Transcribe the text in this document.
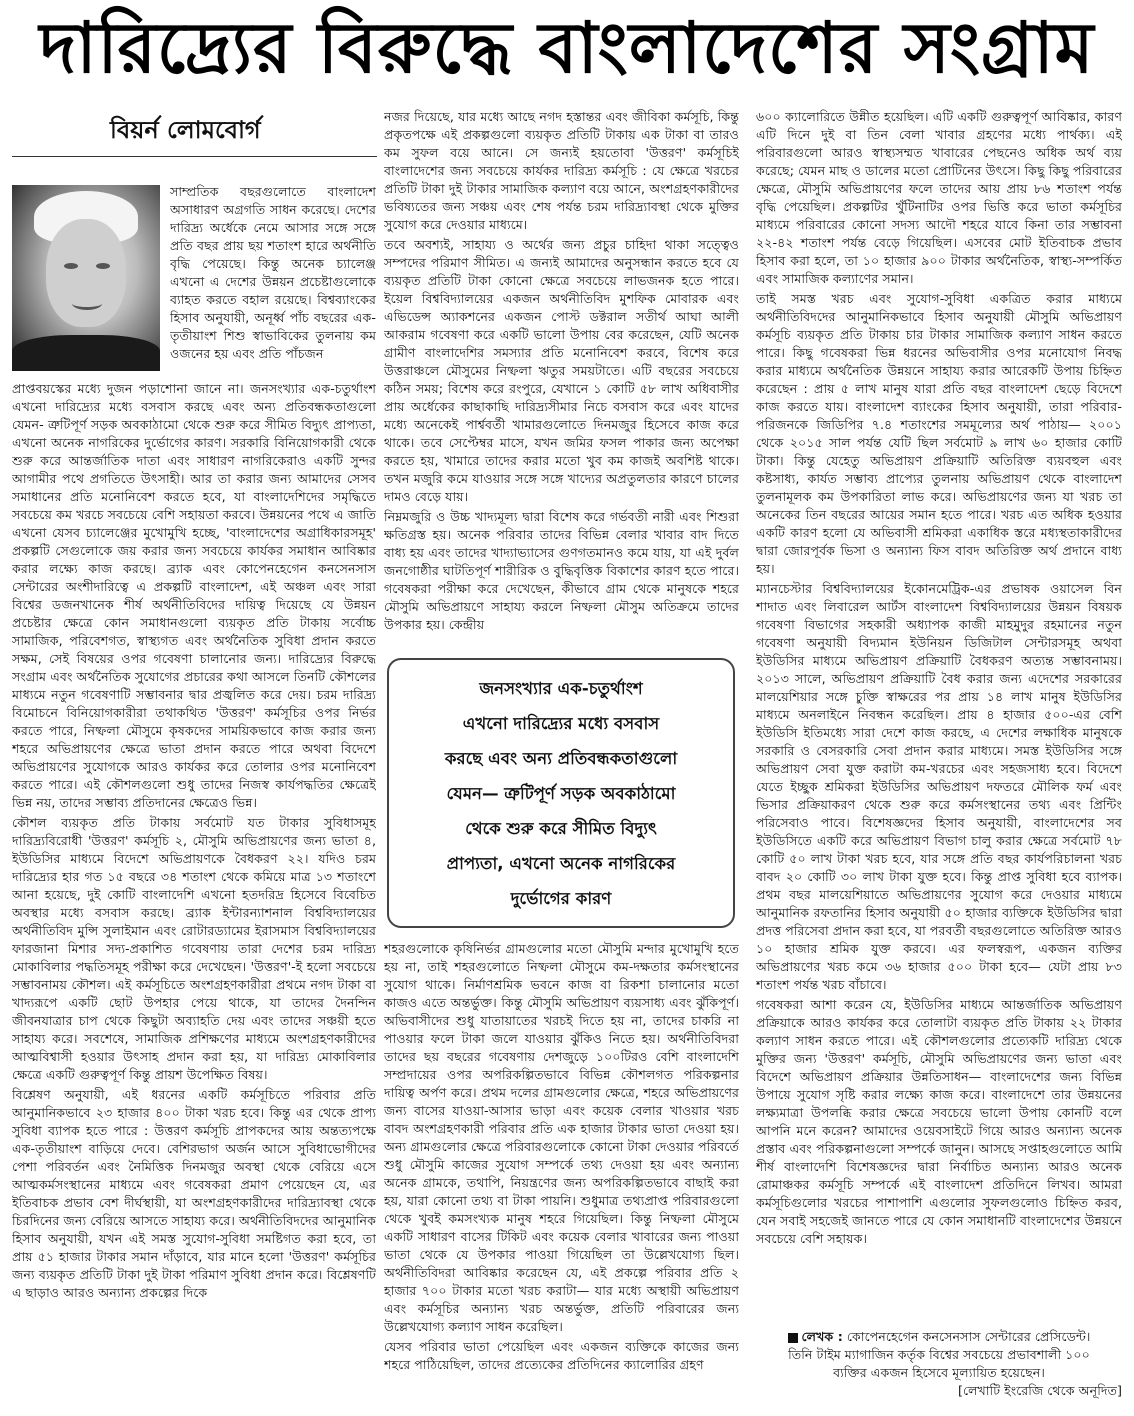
দারিদ্র্যের বিরুদ্ধে বাংলাদেশের সংগ্রাম
বিয়র্ন লোমবোর্গ

সাম্প্রতিক বছরগুলোতে বাংলাদেশ অসাধারণ অগ্রগতি সাধন করেছে। দেশের দারিদ্র্য অর্ধেকে নেমে আসার সঙ্গে সঙ্গে প্রতি বছর প্রায় ছয় শতাংশ হারে অর্থনীতি বৃদ্ধি পেয়েছে। কিন্তু অনেক চ্যালেঞ্জ এখনো এ দেশের উন্নয়ন প্রচেষ্টাগুলোকে ব্যাহত করতে বহাল রয়েছে। বিশ্বব্যাংকের হিসাব অনুযায়ী, অনূর্ধ্ব পাঁচ বছরের এক-তৃতীয়াংশ শিশু স্বাভাবিকের তুলনায় কম ওজনের হয় এবং প্রতি পাঁচজন

প্রাপ্তবয়স্কের মধ্যে দুজন পড়াশোনা জানে না। জনসংখ্যার এক-চতুর্থাংশ এখনো দারিদ্র্যের মধ্যে বসবাস করছে এবং অন্য প্রতিবন্ধকতাগুলো যেমন- ত্রুটিপূর্ণ সড়ক অবকাঠামো থেকে শুরু করে সীমিত বিদ্যুৎ প্রাপ্যতা, এখনো অনেক নাগরিকের দুর্ভোগের কারণ। সরকারি বিনিয়োগকারী থেকে শুরু করে আন্তর্জাতিক দাতা এবং সাধারণ নাগরিকেরাও একটি সুন্দর আগামীর পথে প্রগতিতে উৎসাহী। আর তা করার জন্য আমাদের সেসব সমাধানের প্রতি মনোনিবেশ করতে হবে, যা বাংলাদেশিদের সমৃদ্ধিতে সবচেয়ে কম খরচে সবচেয়ে বেশি সহায়তা করবে। উন্নয়নের পথে এ জাতি এখনো যেসব চ্যালেঞ্জের মুখোমুখি হচ্ছে, 'বাংলাদেশের অগ্রাধিকারসমূহ' প্রকল্পটি সেগুলোকে জয় করার জন্য সবচেয়ে কার্যকর সমাধান আবিষ্কার করার লক্ষ্যে কাজ করছে। ব্র্যাক এবং কোপেনহেগেন কনসেনসাস সেন্টারের অংশীদারিত্বে এ প্রকল্পটি বাংলাদেশ, এই অঞ্চল এবং সারা বিশ্বের ডজনখানেক শীর্ষ অর্থনীতিবিদের দায়িত্ব দিয়েছে যে উন্নয়ন প্রচেষ্টার ক্ষেত্রে কোন সমাধানগুলো ব্যয়কৃত প্রতি টাকায় সর্বোচ্চ সামাজিক, পরিবেশগত, স্বাস্থ্যগত এবং অর্থনৈতিক সুবিধা প্রদান করতে সক্ষম, সেই বিষয়ের ওপর গবেষণা চালানোর জন্য। দারিদ্র্যের বিরুদ্ধে সংগ্রাম এবং অর্থনৈতিক সুযোগের প্রচারের কথা আসলে তিনটি কৌশলের মাধ্যমে নতুন গবেষণাটি সম্ভাবনার দ্বার প্রজ্বলিত করে দেয়। চরম দারিদ্র্য বিমোচনে বিনিয়োগকারীরা তথাকথিত 'উত্তরণ' কর্মসূচির ওপর নির্ভর করতে পারে, নিষ্ফলা মৌসুমে কৃষকদের সাময়িকভাবে কাজ করার জন্য শহরে অভিপ্রায়ণের ক্ষেত্রে ভাতা প্রদান করতে পারে অথবা বিদেশে অভিপ্রায়ণের সুযোগকে আরও কার্যকর করে তোলার ওপর মনোনিবেশ করতে পারে। এই কৌশলগুলো শুধু তাদের নিজস্ব কার্যপদ্ধতির ক্ষেত্রেই ভিন্ন নয়, তাদের সম্ভাব্য প্রতিদানের ক্ষেত্রেও ভিন্ন।

কৌশল ব্যয়কৃত প্রতি টাকায় সর্বমোট যত টাকার সুবিধাসমূহ দারিদ্র্যবিরোধী 'উত্তরণ' কর্মসূচি ২, মৌসুমি অভিপ্রায়ণের জন্য ভাতা ৪, ইউডিসির মাধ্যমে বিদেশে অভিপ্রায়ণকে বৈধকরণ ২২। যদিও চরম দারিদ্র্যের হার গত ১৫ বছরে ৩৪ শতাংশ থেকে কমিয়ে মাত্র ১৩ শতাংশে আনা হয়েছে, দুই কোটি বাংলাদেশি এখনো হতদরিদ্র হিসেবে বিবেচিত অবস্থার মধ্যে বসবাস করছে। ব্র্যাক ইন্টারন্যাশনাল বিশ্ববিদ্যালয়ের অর্থনীতিবিদ মুন্সি সুলাইমান এবং রোটারড্যামের ইরাসমাস বিশ্ববিদ্যালয়ের ফারজানা মিশার সদ্য-প্রকাশিত গবেষণায় তারা দেশের চরম দারিদ্র্য মোকাবিলার পদ্ধতিসমূহ পরীক্ষা করে দেখেছেন। 'উত্তরণ'-ই হলো সবচেয়ে সম্ভাবনাময় কৌশল। এই কর্মসূচিতে অংশগ্রহণকারীরা প্রথমে নগদ টাকা বা খাদ্যরূপে একটি ছোট উপহার পেয়ে থাকে, যা তাদের দৈনন্দিন জীবনযাত্রার চাপ থেকে কিছুটা অব্যাহতি দেয় এবং তাদের সঞ্চয়ী হতে সাহায্য করে। সবশেষে, সামাজিক প্রশিক্ষণের মাধ্যমে অংশগ্রহণকারীদের আত্মবিশ্বাসী হওয়ার উৎসাহ প্রদান করা হয়, যা দারিদ্র্য মোকাবিলার ক্ষেত্রে একটি গুরুত্বপূর্ণ কিন্তু প্রায়শ উপেক্ষিত বিষয়।

বিশ্লেষণ অনুযায়ী, এই ধরনের একটি কর্মসূচিতে পরিবার প্রতি আনুমানিকভাবে ২৩ হাজার ৪০০ টাকা খরচ হবে। কিন্তু এর থেকে প্রাপ্য সুবিধা ব্যাপক হতে পারে : উত্তরণ কর্মসূচি প্রাপকদের আয় অন্তত্যপক্ষে এক-তৃতীয়াংশ বাড়িয়ে দেবে। বেশিরভাগ অর্জন আসে সুবিধাভোগীদের পেশা পরিবর্তন এবং নৈমিত্তিক দিনমজুর অবস্থা থেকে বেরিয়ে এসে আত্মকর্মসংস্থানের মাধ্যমে এবং গবেষকরা প্রমাণ পেয়েছেন যে, এর ইতিবাচক প্রভাব বেশ দীর্ঘস্থায়ী, যা অংশগ্রহণকারীদের দারিদ্র্যাবস্থা থেকে চিরদিনের জন্য বেরিয়ে আসতে সাহায্য করে। অর্থনীতিবিদদের আনুমানিক হিসাব অনুযায়ী, যখন এই সমস্ত সুযোগ-সুবিধা সমষ্টিগত করা হবে, তা প্রায় ৫১ হাজার টাকার সমান দাঁড়াবে, যার মানে হলো 'উত্তরণ' কর্মসূচির জন্য ব্যয়কৃত প্রতিটি টাকা দুই টাকা পরিমাণ সুবিধা প্রদান করে। বিশ্লেষণটি এ ছাড়াও আরও অন্যান্য প্রকল্পের দিকে

নজর দিয়েছে, যার মধ্যে আছে নগদ হস্তান্তর এবং জীবিকা কর্মসূচি, কিন্তু প্রকৃতপক্ষে এই প্রকল্পগুলো ব্যয়কৃত প্রতিটি টাকায় এক টাকা বা তারও কম সুফল বয়ে আনে। সে জন্যই হয়তোবা 'উত্তরণ' কর্মসূচিই বাংলাদেশের জন্য সবচেয়ে কার্যকর দারিদ্র্য কর্মসূচি : যে ক্ষেত্রে খরচের প্রতিটি টাকা দুই টাকার সামাজিক কল্যাণ বয়ে আনে, অংশগ্রহণকারীদের ভবিষ্যতের জন্য সঞ্চয় এবং শেষ পর্যন্ত চরম দারিদ্র্যাবস্থা থেকে মুক্তির সুযোগ করে দেওয়ার মাধ্যমে।

তবে অবশ্যই, সাহায্য ও অর্থের জন্য প্রচুর চাহিদা থাকা সত্ত্বেও সম্পদের পরিমাণ সীমিত। এ জন্যই আমাদের অনুসন্ধান করতে হবে যে ব্যয়কৃত প্রতিটি টাকা কোনো ক্ষেত্রে সবচেয়ে লাভজনক হতে পারে। ইয়েল বিশ্ববিদ্যালয়ের একজন অর্থনীতিবিদ মুশফিক মোবারক এবং এভিডেন্স অ্যাকশনের একজন পোস্ট ডক্টরাল সতীর্থ আঘা আলী আকরাম গবেষণা করে একটি ভালো উপায় বের করেছেন, যেটি অনেক গ্রামীণ বাংলাদেশির সমস্যার প্রতি মনোনিবেশ করবে, বিশেষ করে উত্তরাঞ্চলে মৌসুমের নিষ্ফলা ঋতুর সময়টাতে। এটি বছরের সবচেয়ে কঠিন সময়; বিশেষ করে রংপুরে, যেখানে ১ কোটি ৫৮ লাখ অধিবাসীর প্রায় অর্ধেকের কাছাকাছি দারিদ্র্যসীমার নিচে বসবাস করে এবং যাদের মধ্যে অনেকেই পার্শ্ববর্তী খামারগুলোতে দিনমজুর হিসেবে কাজ করে থাকে। তবে সেপ্টেম্বর মাসে, যখন জমির ফসল পাকার জন্য অপেক্ষা করতে হয়, খামারে তাদের করার মতো খুব কম কাজই অবশিষ্ট থাকে। তখন মজুরি কমে যাওয়ার সঙ্গে সঙ্গে খাদ্যের অপ্রতুলতার কারণে চালের দামও বেড়ে যায়।

নিম্নমজুরি ও উচ্চ খাদ্যমূল্য দ্বারা বিশেষ করে গর্ভবতী নারী এবং শিশুরা ক্ষতিগ্রস্ত হয়। অনেক পরিবার তাদের বিভিন্ন বেলার খাবার বাদ দিতে বাধ্য হয় এবং তাদের খাদ্যাভ্যাসের গুণগতমানও কমে যায়, যা এই দুর্বল জনগোষ্ঠীর ঘাটতিপূর্ণ শারীরিক ও বুদ্ধিবৃত্তিক বিকাশের কারণ হতে পারে। গবেষকরা পরীক্ষা করে দেখেছেন, কীভাবে গ্রাম থেকে মানুষকে শহরে মৌসুমি অভিপ্রায়ণে সাহায্য করলে নিষ্ফলা মৌসুম অতিক্রমে তাদের উপকার হয়। কেন্দ্রীয়

জনসংখ্যার এক-চতুর্থাংশ
এখনো দারিদ্র্যের মধ্যে বসবাস
করছে এবং অন্য প্রতিবন্ধকতাগুলো
যেমন— ত্রুটিপূর্ণ সড়ক অবকাঠামো
থেকে শুরু করে সীমিত বিদ্যুৎ
প্রাপ্যতা, এখনো অনেক নাগরিকের
দুর্ভোগের কারণ

শহরগুলোকে কৃষিনির্ভর গ্রামগুলোর মতো মৌসুমি মন্দার মুখোমুখি হতে হয় না, তাই শহরগুলোতে নিষ্ফলা মৌসুমে কম-দক্ষতার কর্মসংস্থানের সুযোগ থাকে। নির্মাণশ্রমিক ভবনে কাজ বা রিকশা চালানোর মতো কাজও এতে অন্তর্ভুক্ত। কিন্তু মৌসুমি অভিপ্রায়ণ ব্যয়সাধ্য এবং ঝুঁকিপূর্ণ। অভিবাসীদের শুধু যাতায়াতের খরচই দিতে হয় না, তাদের চাকরি না পাওয়ার ফলে টাকা জলে যাওয়ার ঝুঁকিও নিতে হয়। অর্থনীতিবিদরা তাদের ছয় বছরের গবেষণায় দেশজুড়ে ১০০টিরও বেশি বাংলাদেশি সম্প্রদায়ের ওপর অপরিকল্পিতভাবে বিভিন্ন কৌশলগত পরিকল্পনার দায়িত্ব অর্পণ করে। প্রথম দলের গ্রামগুলোর ক্ষেত্রে, শহরে অভিপ্রায়ণের জন্য বাসের যাওয়া-আসার ভাড়া এবং কয়েক বেলার খাওয়ার খরচ বাবদ অংশগ্রহণকারী পরিবার প্রতি এক হাজার টাকার ভাতা দেওয়া হয়। অন্য গ্রামগুলোর ক্ষেত্রে পরিবারগুলোকে কোনো টাকা দেওয়ার পরিবর্তে শুধু মৌসুমি কাজের সুযোগ সম্পর্কে তথ্য দেওয়া হয় এবং অন্যান্য অনেক গ্রামকে, তথাপি, নিয়ন্ত্রণের জন্য অপরিকল্পিতভাবে বাছাই করা হয়, যারা কোনো তথ্য বা টাকা পায়নি। শুধুমাত্র তথ্যপ্রাপ্ত পরিবারগুলো থেকে খুবই কমসংখ্যক মানুষ শহরে গিয়েছিল। কিন্তু নিষ্ফলা মৌসুমে একটি সাধারণ বাসের টিকিট এবং কয়েক বেলার খাবারের জন্য পাওয়া ভাতা থেকে যে উপকার পাওয়া গিয়েছিল তা উল্লেখযোগ্য ছিল। অর্থনীতিবিদরা আবিষ্কার করেছেন যে, এই প্রকল্পে পরিবার প্রতি ২ হাজার ৭০০ টাকার মতো খরচ করাটা— যার মধ্যে অস্থায়ী অভিপ্রায়ণ এবং কর্মসূচির অন্যান্য খরচ অন্তর্ভুক্ত, প্রতিটি পরিবারের জন্য উল্লেখযোগ্য কল্যাণ সাধন করেছিল।

যেসব পরিবার ভাতা পেয়েছিল এবং একজন ব্যক্তিকে কাজের জন্য শহরে পাঠিয়েছিল, তাদের প্রত্যেকের প্রতিদিনের ক্যালোরির গ্রহণ

৬০০ ক্যালোরিতে উন্নীত হয়েছিল। এটি একটি গুরুত্বপূর্ণ আবিষ্কার, কারণ এটি দিনে দুই বা তিন বেলা খাবার গ্রহণের মধ্যে পার্থক্য। এই পরিবারগুলো আরও স্বাস্থ্যসম্মত খাবারের পেছনেও অধিক অর্থ ব্যয় করেছে; যেমন মাছ ও ডালের মতো প্রোটিনের উৎসে। কিছু কিছু পরিবারের ক্ষেত্রে, মৌসুমি অভিপ্রায়ণের ফলে তাদের আয় প্রায় ৮৬ শতাংশ পর্যন্ত বৃদ্ধি পেয়েছিল। প্রকল্পটির খুঁটিনাটির ওপর ভিত্তি করে ভাতা কর্মসূচির মাধ্যমে পরিবারের কোনো সদস্য আদৌ শহরে যাবে কিনা তার সম্ভাবনা ২২-৪২ শতাংশ পর্যন্ত বেড়ে গিয়েছিল। এসবের মোট ইতিবাচক প্রভাব হিসাব করা হলে, তা ১০ হাজার ৯০০ টাকার অর্থনৈতিক, স্বাস্থ্য-সম্পর্কিত এবং সামাজিক কল্যাণের সমান।

তাই সমস্ত খরচ এবং সুযোগ-সুবিধা একত্রিত করার মাধ্যমে অর্থনীতিবিদদের আনুমানিকভাবে হিসাব অনুযায়ী মৌসুমি অভিপ্রায়ণ কর্মসূচি ব্যয়কৃত প্রতি টাকায় চার টাকার সামাজিক কল্যাণ সাধন করতে পারে। কিছু গবেষকরা ভিন্ন ধরনের অভিবাসীর ওপর মনোযোগ নিবদ্ধ করার মাধ্যমে অর্থনৈতিক উন্নয়নে সাহায্য করার আরেকটি উপায় চিহ্নিত করেছেন : প্রায় ৫ লাখ মানুষ যারা প্রতি বছর বাংলাদেশ ছেড়ে বিদেশে কাজ করতে যায়। বাংলাদেশ ব্যাংকের হিসাব অনুযায়ী, তারা পরিবার-পরিজনকে জিডিপির ৭.৪ শতাংশের সমমূল্যের অর্থ পাঠায়— ২০০১ থেকে ২০১৫ সাল পর্যন্ত যেটি ছিল সর্বমোট ৯ লাখ ৬০ হাজার কোটি টাকা। কিন্তু যেহেতু অভিপ্রায়ণ প্রক্রিয়াটি অতিরিক্ত ব্যয়বহুল এবং কষ্টসাধ্য, কার্যত সম্ভাব্য প্রাপ্যের তুলনায় অভিপ্রায়ণ থেকে বাংলাদেশ তুলনামূলক কম উপকারিতা লাভ করে। অভিপ্রায়ণের জন্য যা খরচ তা অনেকের তিন বছরের আয়ের সমান হতে পারে। খরচ এত অধিক হওয়ার একটি কারণ হলো যে অভিবাসী শ্রমিকরা একাধিক স্তরে মধ্যস্থতাকারীদের দ্বারা জোরপূর্বক ভিসা ও অন্যান্য ফিস বাবদ অতিরিক্ত অর্থ প্রদানে বাধ্য হয়।

ম্যানচেস্টার বিশ্ববিদ্যালয়ের ইকোনমেট্রিক-এর প্রভাষক ওয়াসেল বিন শাদাত এবং লিবারেল আর্টস বাংলাদেশ বিশ্ববিদ্যালয়ের উন্নয়ন বিষয়ক গবেষণা বিভাগের সহকারী অধ্যাপক কাজী মাহমুদুর রহমানের নতুন গবেষণা অনুযায়ী বিদ্যমান ইউনিয়ন ডিজিটাল সেন্টারসমূহ অথবা ইউডিসির মাধ্যমে অভিপ্রায়ণ প্রক্রিয়াটি বৈধকরণ অত্যন্ত সম্ভাবনাময়। ২০১৩ সালে, অভিপ্রায়ণ প্রক্রিয়াটি বৈধ করার জন্য এদেশের সরকারের মালয়েশিয়ার সঙ্গে চুক্তি স্বাক্ষরের পর প্রায় ১৪ লাখ মানুষ ইউডিসির মাধ্যমে অনলাইনে নিবন্ধন করেছিল। প্রায় ৪ হাজার ৫০০-এর বেশি ইউডিসি ইতিমধ্যে সারা দেশে কাজ করছে, এ দেশের লক্ষাধিক মানুষকে সরকারি ও বেসরকারি সেবা প্রদান করার মাধ্যমে। সমস্ত ইউডিসির সঙ্গে অভিপ্রায়ণ সেবা যুক্ত করাটা কম-খরচের এবং সহজসাধ্য হবে। বিদেশে যেতে ইচ্ছুক শ্রমিকরা ইউডিসির অভিপ্রায়ণ দফতরে মৌলিক ফর্ম এবং ভিসার প্রক্রিয়াকরণ থেকে শুরু করে কর্মসংস্থানের তথ্য এবং প্রিন্টিং পরিসেবাও পাবে। বিশেষজ্ঞদের হিসাব অনুযায়ী, বাংলাদেশের সব ইউডিসিতে একটি করে অভিপ্রায়ণ বিভাগ চালু করার ক্ষেত্রে সর্বমোট ৭৮ কোটি ৫০ লাখ টাকা খরচ হবে, যার সঙ্গে প্রতি বছর কার্যপরিচালনা খরচ বাবদ ২০ কোটি ৩০ লাখ টাকা যুক্ত হবে। কিন্তু প্রাপ্ত সুবিধা হবে ব্যাপক। প্রথম বছর মালয়েশিয়াতে অভিপ্রায়ণের সুযোগ করে দেওয়ার মাধ্যমে আনুমানিক রফতানির হিসাব অনুযায়ী ৫০ হাজার ব্যক্তিকে ইউডিসির দ্বারা প্রদত্ত পরিসেবা প্রদান করা হবে, যা পরবর্তী বছরগুলোতে অতিরিক্ত আরও ১০ হাজার শ্রমিক যুক্ত করবে। এর ফলস্বরূপ, একজন ব্যক্তির অভিপ্রায়ণের খরচ কমে ৩৬ হাজার ৫০০ টাকা হবে— যেটা প্রায় ৮৩ শতাংশ পর্যন্ত খরচ বাঁচাবে।

গবেষকরা আশা করেন যে, ইউডিসির মাধ্যমে আন্তর্জাতিক অভিপ্রায়ণ প্রক্রিয়াকে আরও কার্যকর করে তোলাটা ব্যয়কৃত প্রতি টাকায় ২২ টাকার কল্যাণ সাধন করতে পারে। এই কৌশলগুলোর প্রত্যেকটি দারিদ্র্য থেকে মুক্তির জন্য 'উত্তরণ' কর্মসূচি, মৌসুমি অভিপ্রায়ণের জন্য ভাতা এবং বিদেশে অভিপ্রায়ণ প্রক্রিয়ার উন্নতিসাধন— বাংলাদেশের জন্য বিভিন্ন উপায়ে সুযোগ সৃষ্টি করার লক্ষ্যে কাজ করে। বাংলাদেশে তার উন্নয়নের লক্ষ্যমাত্রা উপলব্ধি করার ক্ষেত্রে সবচেয়ে ভালো উপায় কোনটি বলে আপনি মনে করেন? আমাদের ওয়েবসাইটে গিয়ে আরও অন্যান্য অনেক প্রস্তাব এবং পরিকল্পনাগুলো সম্পর্কে জানুন। আসছে সপ্তাহগুলোতে আমি শীর্ষ বাংলাদেশি বিশেষজ্ঞদের দ্বারা নির্বাচিত অন্যান্য আরও অনেক রোমাঞ্চকর কর্মসূচি সম্পর্কে এই বাংলাদেশ প্রতিদিনে লিখব। আমরা কর্মসূচিগুলোর খরচের পাশাপাশি এগুলোর সুফলগুলোও চিহ্নিত করব, যেন সবাই সহজেই জানতে পারে যে কোন সমাধানটি বাংলাদেশের উন্নয়নে সবচেয়ে বেশি সহায়ক।

লেখক : কোপেনহেগেন কনসেনসাস সেন্টারের প্রেসিডেন্ট।
তিনি টাইম ম্যাগাজিন কর্তৃক বিশ্বের সবচেয়ে প্রভাবশালী ১০০
ব্যক্তির একজন হিসেবে মূল্যায়িত হয়েছেন।
[লেখাটি ইংরেজি থেকে অনূদিত]
